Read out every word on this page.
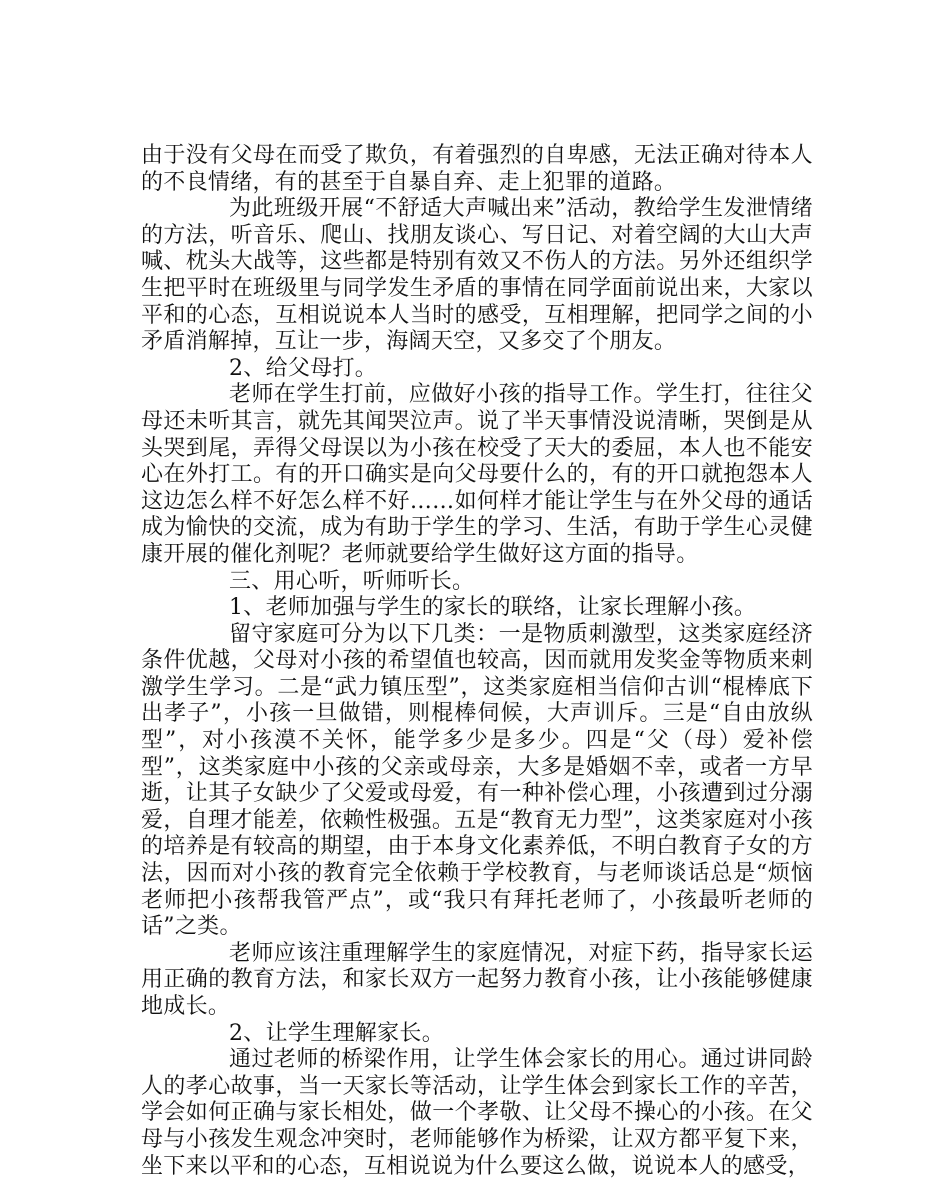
由于没有父母在而受了欺负，有着强烈的自卑感，无法正确对待本人的不良情绪，有的甚至于自暴自弃、走上犯罪的道路。

为此班级开展“不舒适大声喊出来”活动，教给学生发泄情绪的方法，听音乐、爬山、找朋友谈心、写日记、对着空阔的大山大声喊、枕头大战等，这些都是特别有效又不伤人的方法。另外还组织学生把平时在班级里与同学发生矛盾的事情在同学面前说出来，大家以平和的心态，互相说说本人当时的感受，互相理解，把同学之间的小矛盾消解掉，互让一步，海阔天空，又多交了个朋友。

2、给父母打。

老师在学生打前，应做好小孩的指导工作。学生打，往往父母还未听其言，就先其闻哭泣声。说了半天事情没说清晰，哭倒是从头哭到尾，弄得父母误以为小孩在校受了天大的委屈，本人也不能安心在外打工。有的开口确实是向父母要什么的，有的开口就抱怨本人这边怎么样不好怎么样不好……如何样才能让学生与在外父母的通话成为愉快的交流，成为有助于学生的学习、生活，有助于学生心灵健康开展的催化剂呢？老师就要给学生做好这方面的指导。

三、用心听，听师听长。

1、老师加强与学生的家长的联络，让家长理解小孩。

留守家庭可分为以下几类：一是物质刺激型，这类家庭经济条件优越，父母对小孩的希望值也较高，因而就用发奖金等物质来刺激学生学习。二是“武力镇压型”，这类家庭相当信仰古训“棍棒底下出孝子”，小孩一旦做错，则棍棒伺候，大声训斥。三是“自由放纵型”，对小孩漠不关怀，能学多少是多少。四是“父（母）爱补偿型”，这类家庭中小孩的父亲或母亲，大多是婚姻不幸，或者一方早逝，让其子女缺少了父爱或母爱，有一种补偿心理，小孩遭到过分溺爱，自理才能差，依赖性极强。五是“教育无力型”，这类家庭对小孩的培养是有较高的期望，由于本身文化素养低，不明白教育子女的方法，因而对小孩的教育完全依赖于学校教育，与老师谈话总是“烦恼老师把小孩帮我管严点”，或“我只有拜托老师了，小孩最听老师的话”之类。

老师应该注重理解学生的家庭情况，对症下药，指导家长运用正确的教育方法，和家长双方一起努力教育小孩，让小孩能够健康地成长。

2、让学生理解家长。

通过老师的桥梁作用，让学生体会家长的用心。通过讲同龄人的孝心故事，当一天家长等活动，让学生体会到家长工作的辛苦，学会如何正确与家长相处，做一个孝敬、让父母不操心的小孩。在父母与小孩发生观念冲突时，老师能够作为桥梁，让双方都平复下来，坐下来以平和的心态，互相说说为什么要这么做，说说本人的感受，
